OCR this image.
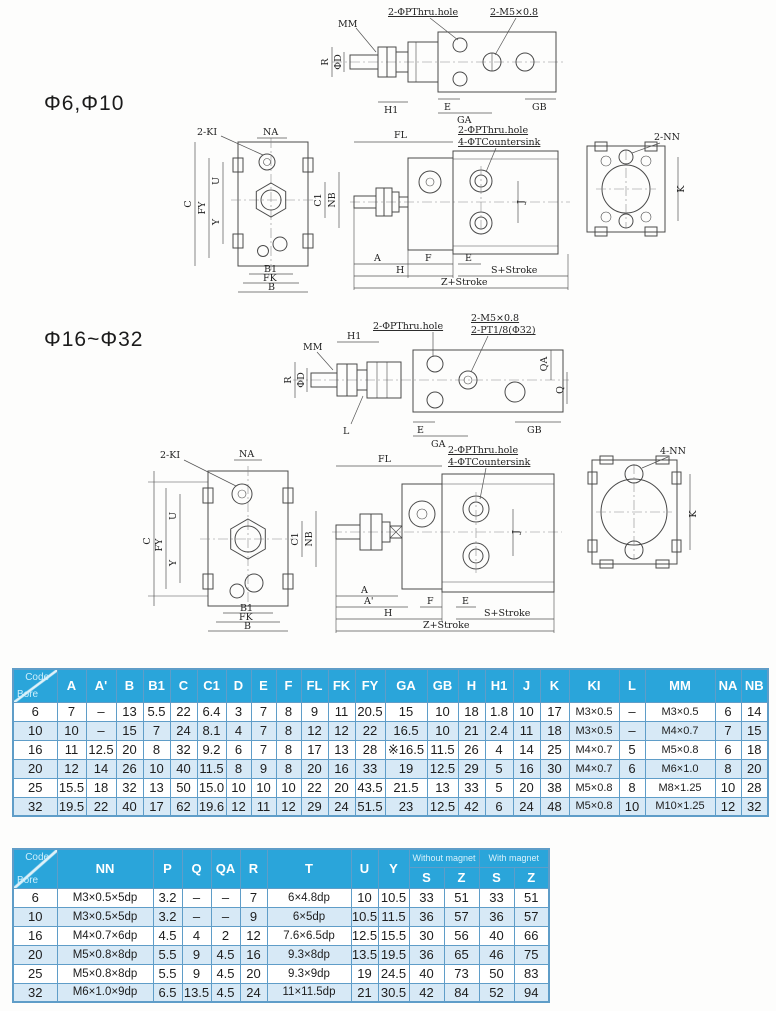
MM
2-ΦPThru.hole	2-M5×0.8
R ΦD
H1	E
GA
GB
Φ6,Φ10
2-KI	NA
C FY
U
Y
C1 NB
B1
FK
B
FL	2-ΦPThru.hole
4-ΦTCountersink
J
A	F	E
H	S+Stroke
Z+Stroke
2-NN
K
Φ16~Φ32	MM
2-ΦPThru.hole
2-M5×0.8
2-PT1/8(Φ32)
H1
R ΦD
L	E
GA
GB
QA
Q
2-KI	NA
C FY
U
Y
C1 NB
B1
FK
B
FL
2-ΦPThru.hole
4-ΦTCountersink
J
A
A'	F	E
H	S+Stroke
Z+Stroke
4-NN
K
Code
Bore	A	A'	B	B1	C	C1	D	E	F	FL	FK	FY	GA	GB	H	H1	J	K	KI	L	MM	NA	NB
6	7	–	13	5.5	22	6.4	3	7	8	9	11	20.5	15	10	18	1.8	10	17	M3×0.5	–	M3×0.5	6	14
10	10	–	15	7	24	8.1	4	7	8	12	12	22	16.5	10	21	2.4	11	18	M3×0.5	–	M4×0.7	7	15
16	11	12.5	20	8	32	9.2	6	7	8	17	13	28	※16.5	11.5	26	4	14	25	M4×0.7	5	M5×0.8	6	18
20	12	14	26	10	40	11.5	8	9	8	20	16	33	19	12.5	29	5	16	30	M4×0.7	6	M6×1.0	8	20
25	15.5	18	32	13	50	15.0	10	10	10	22	20	43.5	21.5	13	33	5	20	38	M5×0.8	8	M8×1.25	10	28
32	19.5	22	40	17	62	19.6	12	11	12	29	24	51.5	23	12.5	42	6	24	48	M5×0.8	10	M10×1.25	12	32
Code
Bore	NN	P	Q	QA	R	T	U	Y	Without magnet		With magnet	
									S	Z	S	Z
6	M3×0.5×5dp	3.2	–	–	7	6×4.8dp	10	10.5	33	51	33	51
10	M3×0.5×5dp	3.2	–	–	9	6×5dp	10.5	11.5	36	57	36	57
16	M4×0.7×6dp	4.5	4	2	12	7.6×6.5dp	12.5	15.5	30	56	40	66
20	M5×0.8×8dp	5.5	9	4.5	16	9.3×8dp	13.5	19.5	36	65	46	75
25	M5×0.8×8dp	5.5	9	4.5	20	9.3×9dp	19	24.5	40	73	50	83
32	M6×1.0×9dp	6.5	13.5	4.5	24	11×11.5dp	21	30.5	42	84	52	94
